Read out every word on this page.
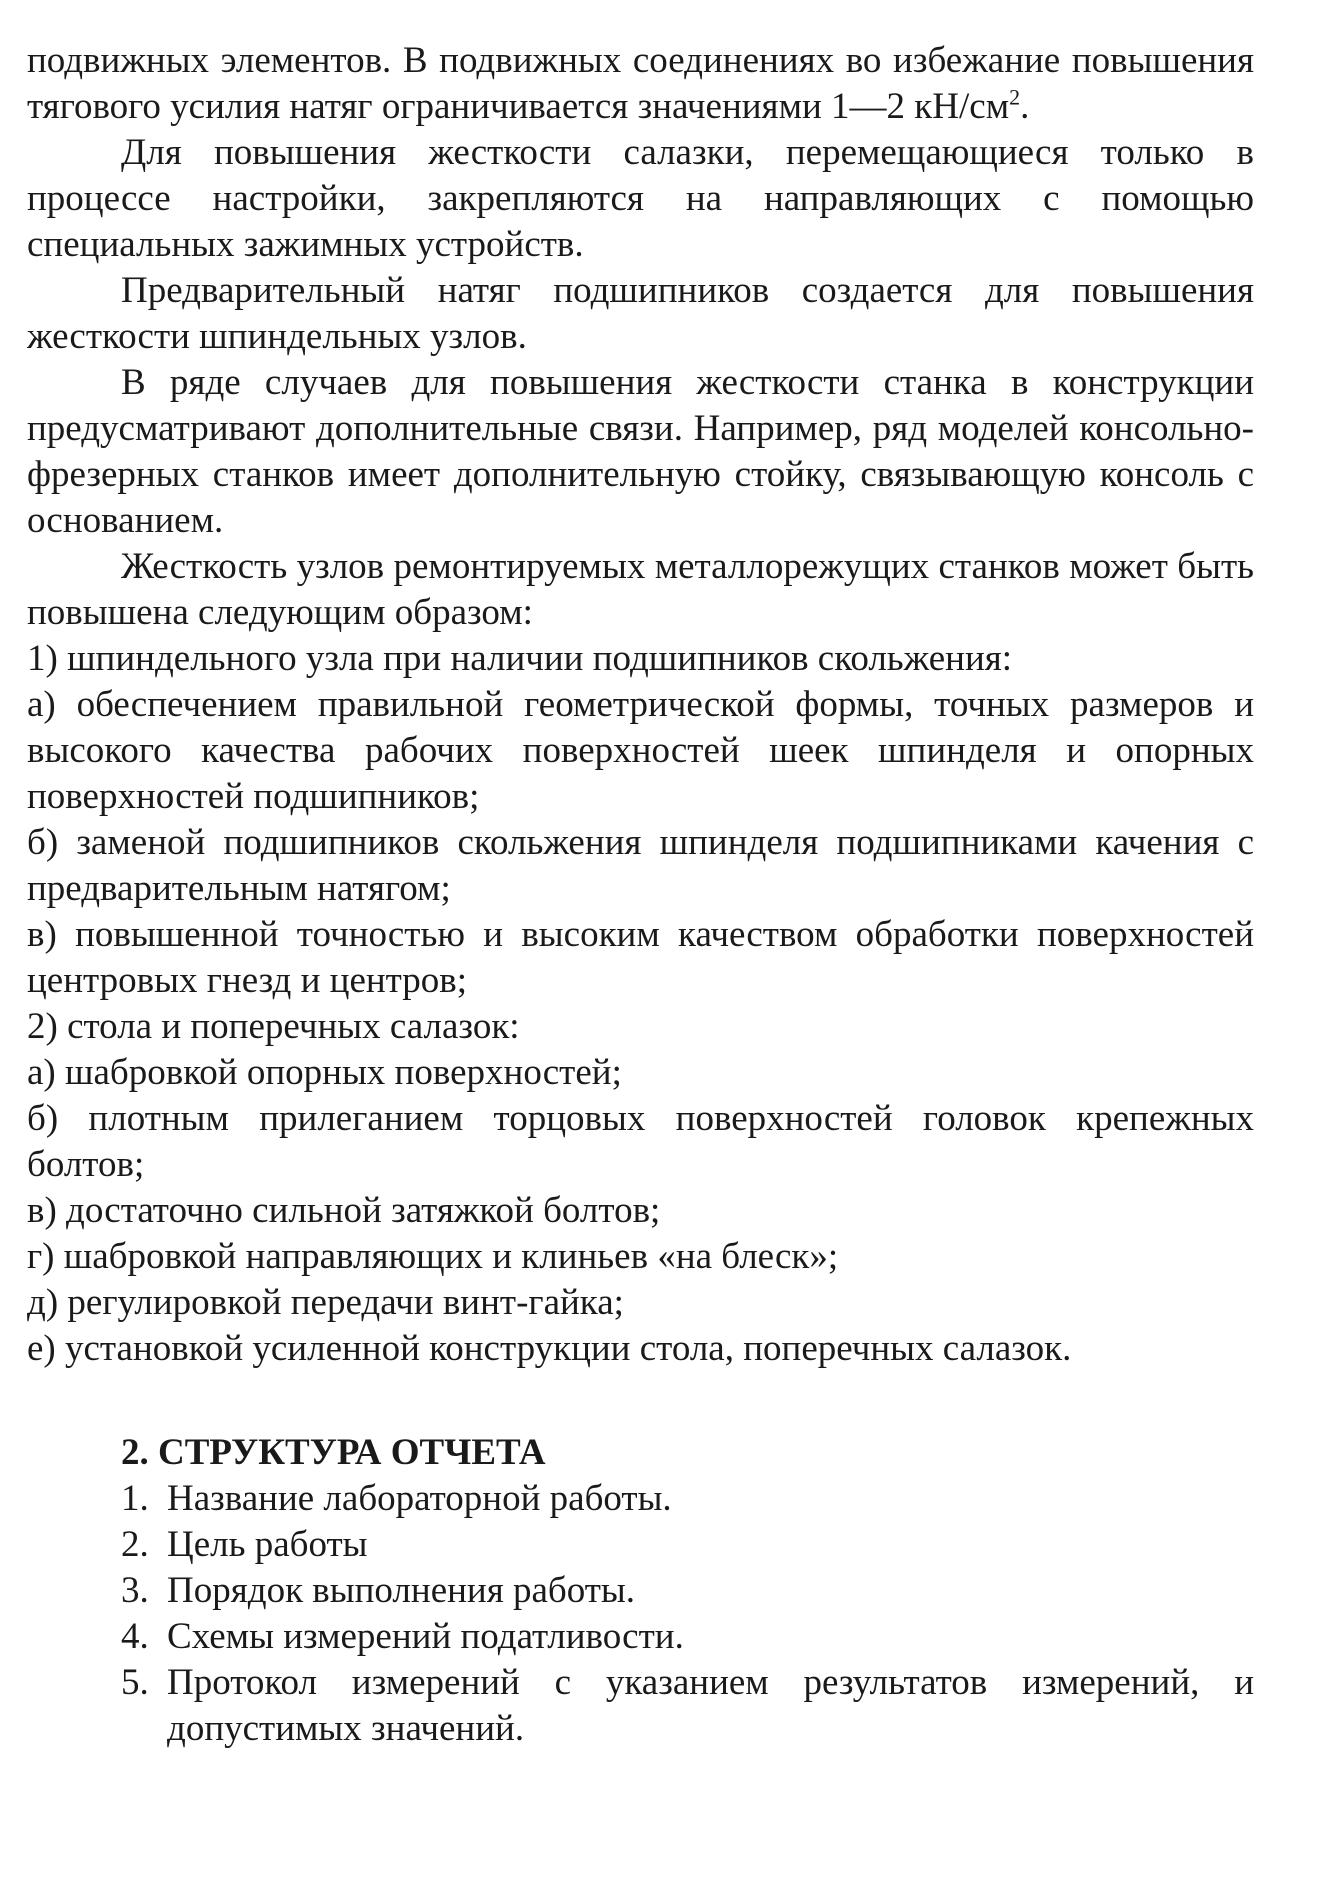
подвижных элементов. В подвижных соединениях во избежание повышения тягового усилия натяг ограничивается значениями 1—2 $кН/см^2$.

Для повышения жесткости салазки, перемещающиеся только в процессе настройки, закрепляются на направляющих с помощью специальных зажимных устройств.

Предварительный натяг подшипников создается для повышения жесткости шпиндельных узлов.

В ряде случаев для повышения жесткости станка в конструкции предусматривают дополнительные связи. Например, ряд моделей консольно-фрезерных станков имеет дополнительную стойку, связывающую консоль с основанием.

Жесткость узлов ремонтируемых металлорежущих станков может быть повышена следующим образом:

1) шпиндельного узла при наличии подшипников скольжения:

а) обеспечением правильной геометрической формы, точных размеров и высокого качества рабочих поверхностей шеек шпинделя и опорных поверхностей подшипников;

б) заменой подшипников скольжения шпинделя подшипниками качения с предварительным натягом;

в) повышенной точностью и высоким качеством обработки поверхностей центровых гнезд и центров;

2) стола и поперечных салазок:

а) шабровкой опорных поверхностей;

б) плотным прилеганием торцовых поверхностей головок крепежных болтов;

в) достаточно сильной затяжкой болтов;

г) шабровкой направляющих и клиньев «на блеск»;

д) регулировкой передачи винт-гайка;

е) установкой усиленной конструкции стола, поперечных салазок.

2. СТРУКТУРА ОТЧЕТА
1. Название лабораторной работы.
2. Цель работы
3. Порядок выполнения работы.
4. Схемы измерений податливости.
5. Протокол измерений с указанием результатов измерений, и допустимых значений.
